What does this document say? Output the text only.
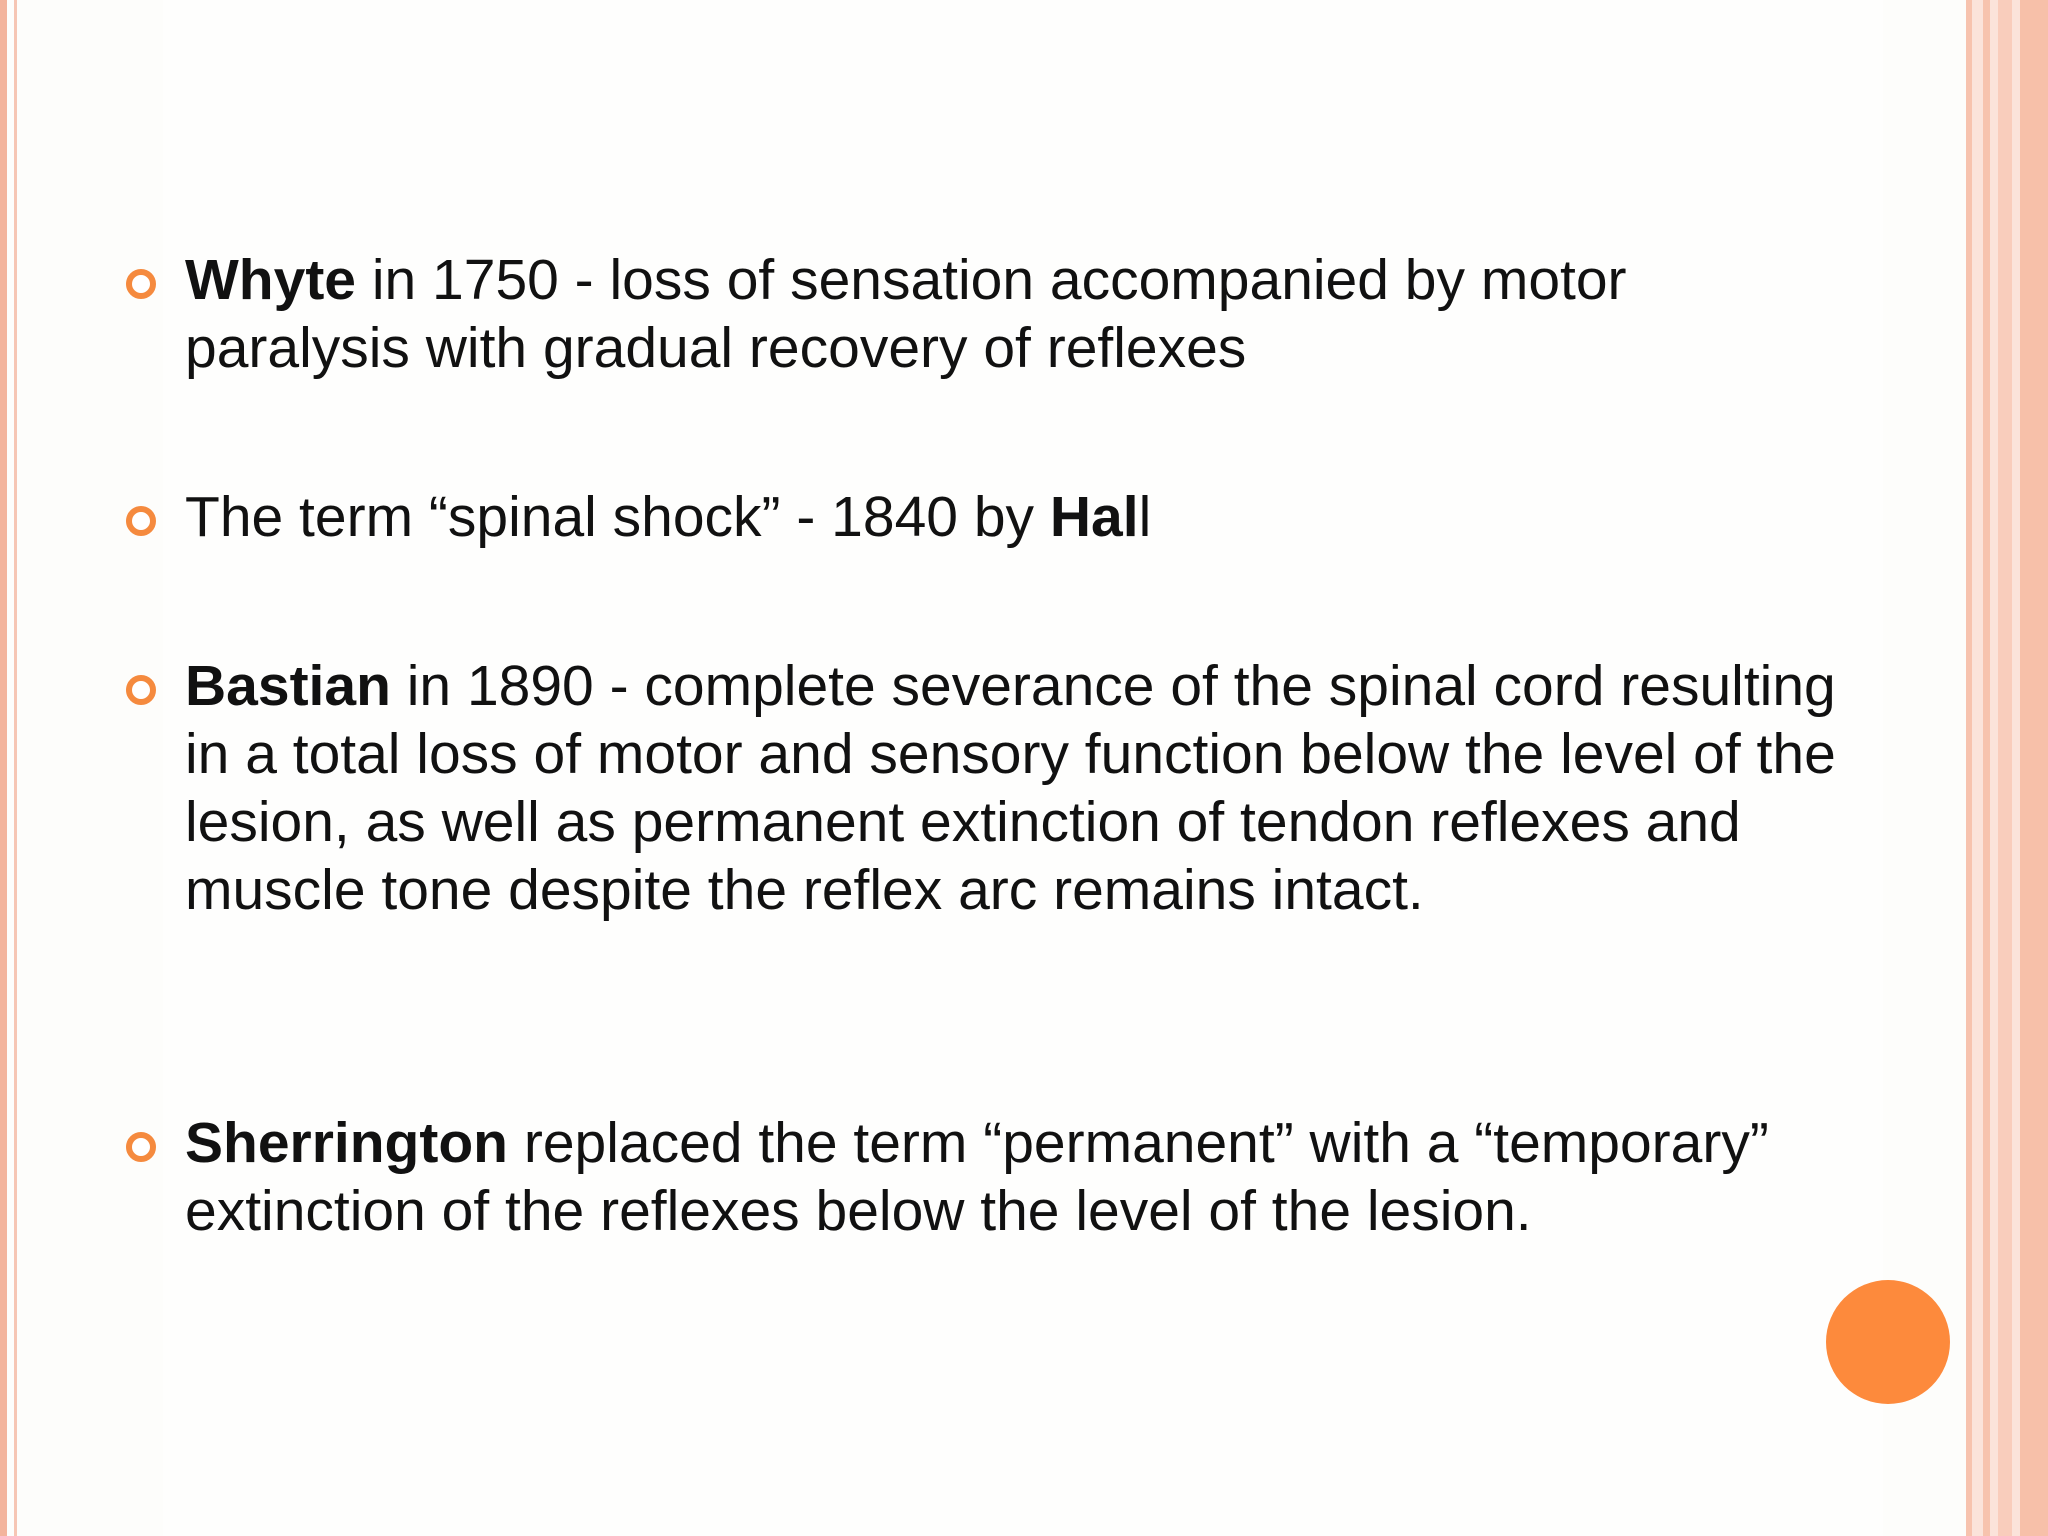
Whyte in 1750 - loss of sensation accompanied by motor paralysis with gradual recovery of reflexes
The term “spinal shock” - 1840 by Hall
Bastian in 1890 - complete severance of the spinal cord resulting in a total loss of motor and sensory function below the level of the lesion, as well as permanent extinction of tendon reflexes and muscle tone despite the reflex arc remains intact.
Sherrington replaced the term “permanent” with a “temporary” extinction of the reflexes below the level of the lesion.
